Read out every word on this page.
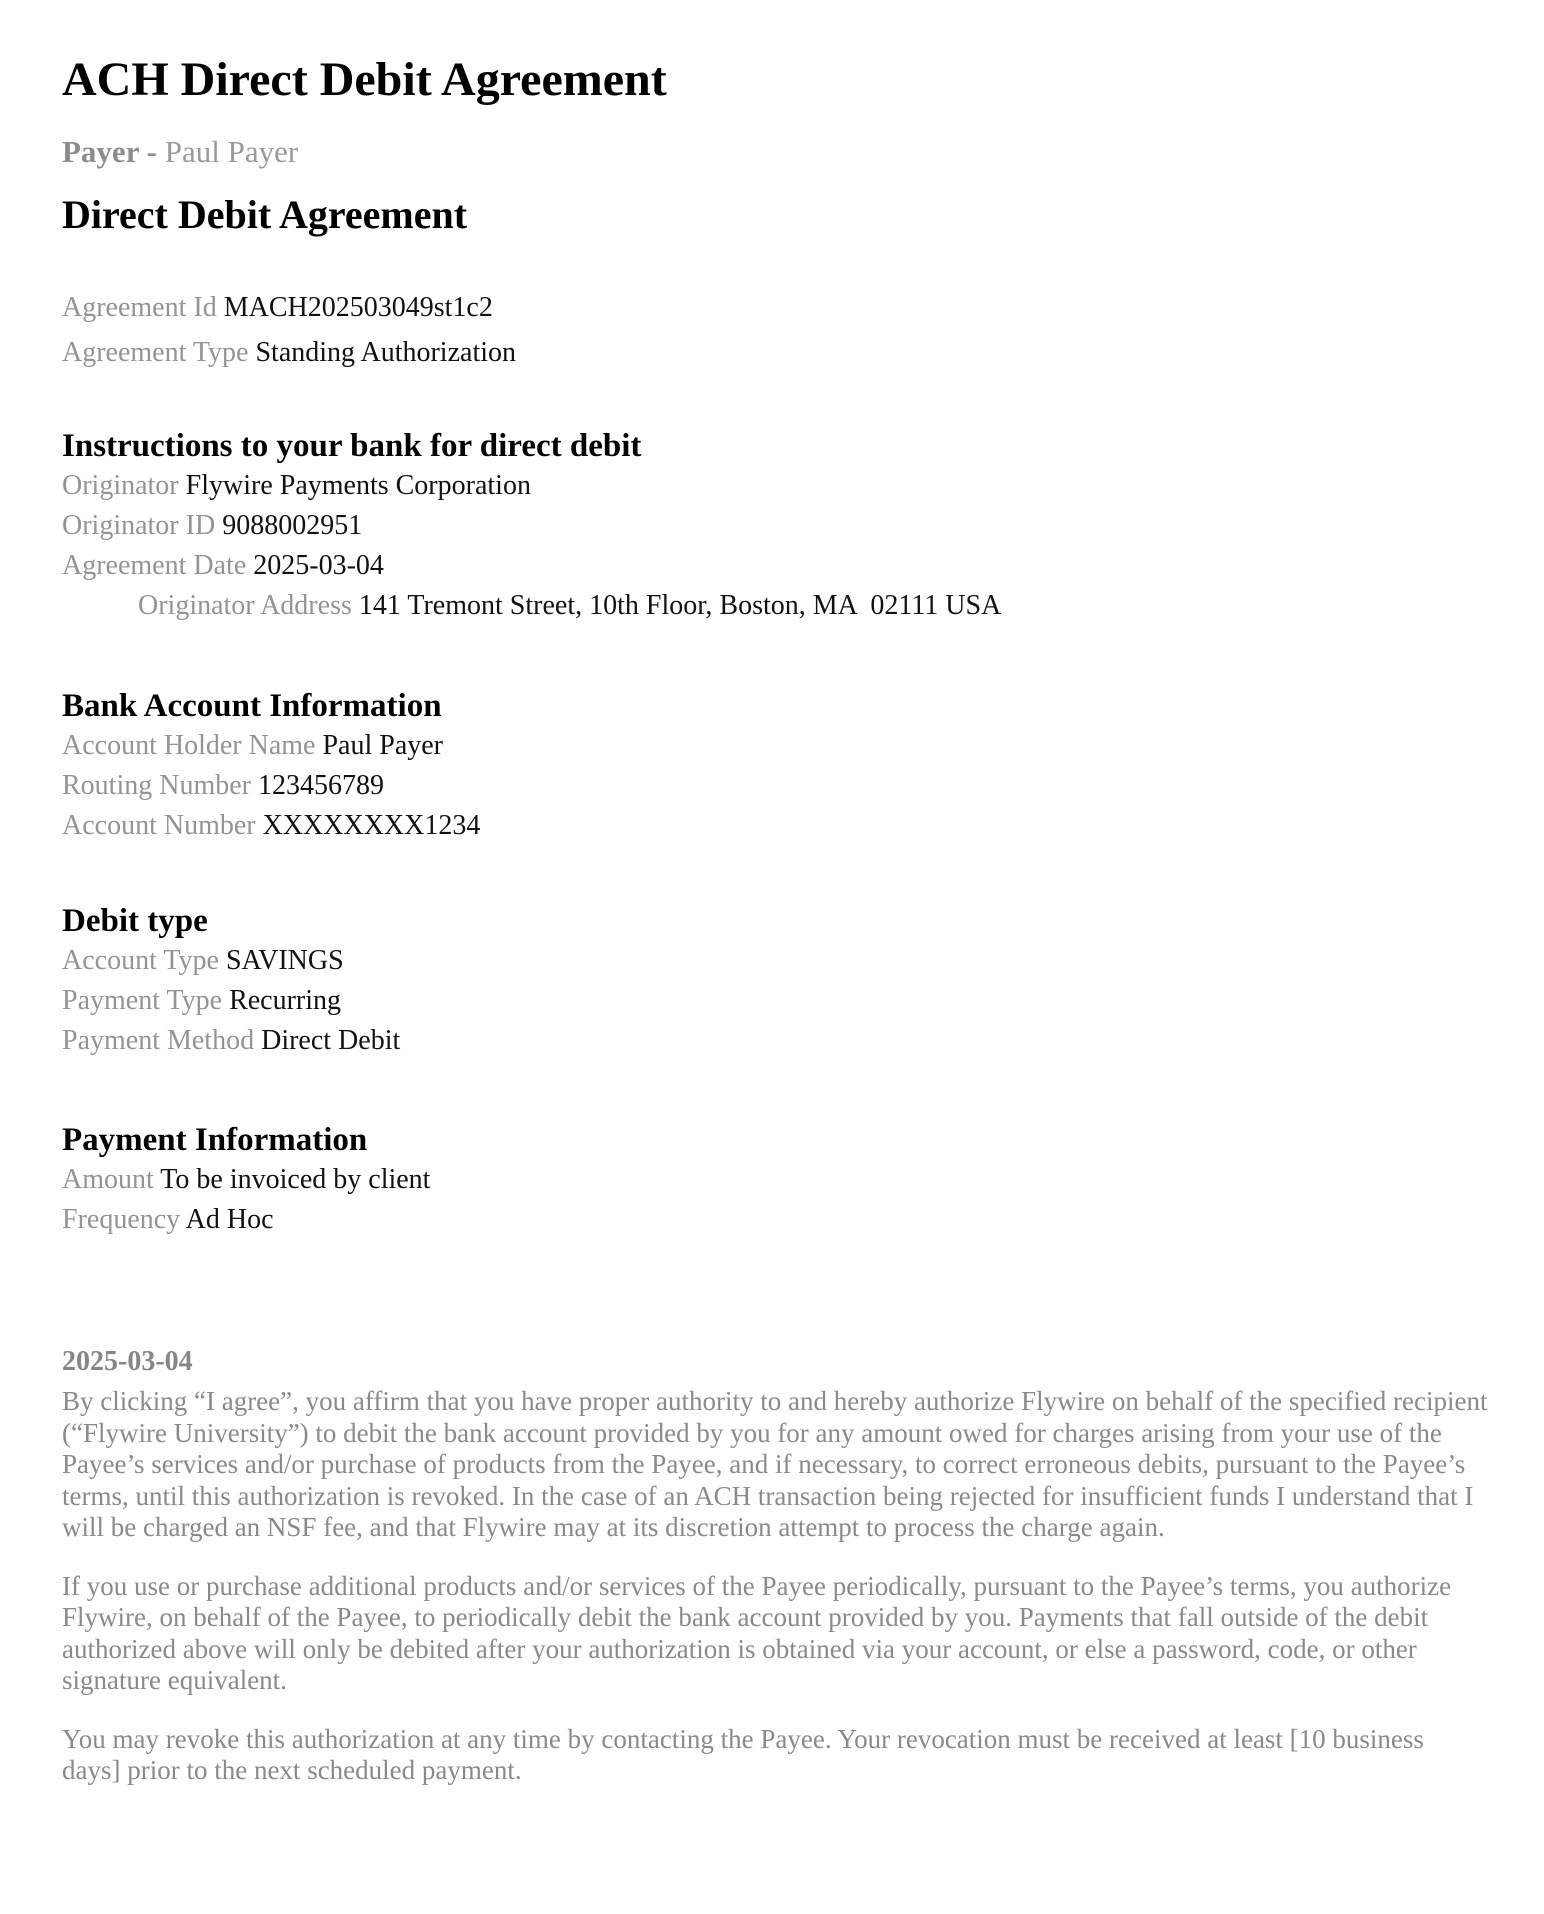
ACH Direct Debit Agreement
Payer - Paul Payer
Direct Debit Agreement
Agreement Id MACH202503049st1c2
Agreement Type Standing Authorization
Instructions to your bank for direct debit
Originator Flywire Payments Corporation
Originator ID 9088002951
Agreement Date 2025-03-04
Originator Address 141 Tremont Street, 10th Floor, Boston, MA  02111 USA
Bank Account Information
Account Holder Name Paul Payer
Routing Number 123456789
Account Number XXXXXXXX1234
Debit type
Account Type SAVINGS
Payment Type Recurring
Payment Method Direct Debit
Payment Information
Amount To be invoiced by client
Frequency Ad Hoc
2025-03-04

By clicking “I agree”, you affirm that you have proper authority to and hereby authorize Flywire on behalf of the specified recipient (“Flywire University”) to debit the bank account provided by you for any amount owed for charges arising from your use of the Payee’s services and/or purchase of products from the Payee, and if necessary, to correct erroneous debits, pursuant to the Payee’s terms, until this authorization is revoked. In the case of an ACH transaction being rejected for insufficient funds I understand that I will be charged an NSF fee, and that Flywire may at its discretion attempt to process the charge again.

If you use or purchase additional products and/or services of the Payee periodically, pursuant to the Payee’s terms, you authorize Flywire, on behalf of the Payee, to periodically debit the bank account provided by you. Payments that fall outside of the debit authorized above will only be debited after your authorization is obtained via your account, or else a password, code, or other signature equivalent.

You may revoke this authorization at any time by contacting the Payee. Your revocation must be received at least [10 business days] prior to the next scheduled payment.
